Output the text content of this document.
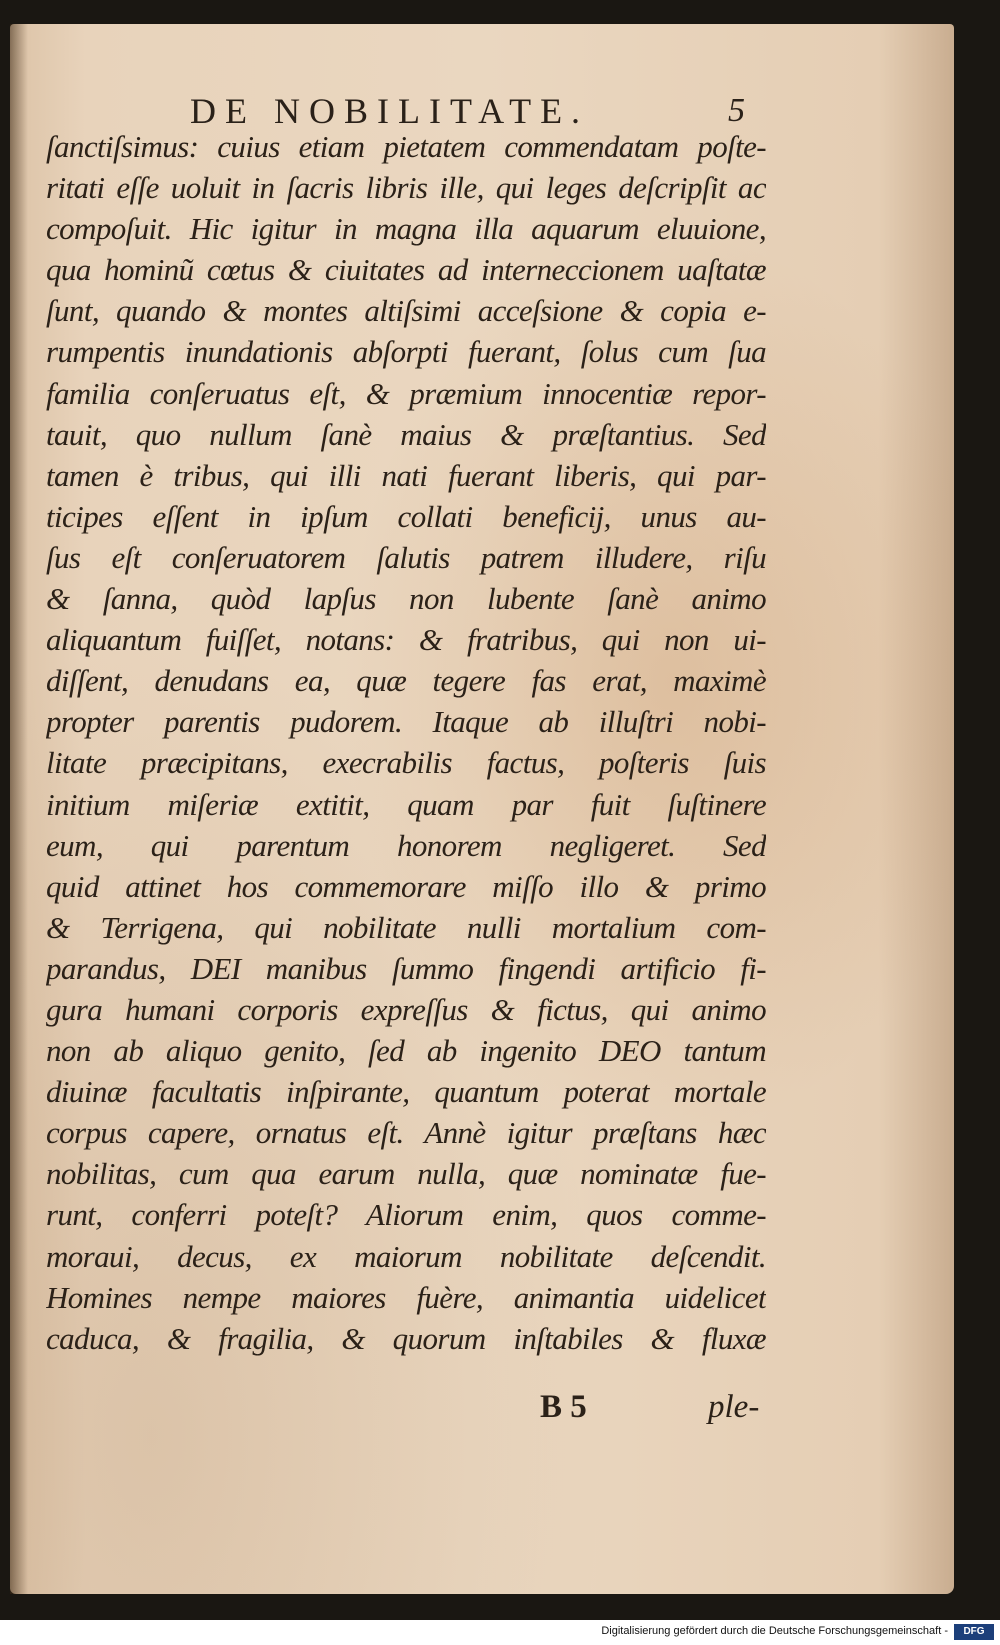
DE NOBILITATE.	5
ſanctiſsimus: cuius etiam pietatem commendatam poſte-
ritati eſſe uoluit in ſacris libris ille, qui leges deſcripſit ac
compoſuit. Hic igitur in magna illa aquarum eluuione,
qua hominũ cœtus & ciuitates ad interneccionem uaſtatæ
ſunt, quando & montes altiſsimi acceſsione & copia e-
rumpentis inundationis abſorpti fuerant, ſolus cum ſua
familia conſeruatus eſt, & præmium innocentiæ repor-
tauit, quo nullum ſanè maius & præſtantius. Sed
tamen è tribus, qui illi nati fuerant liberis, qui par-
ticipes eſſent in ipſum collati beneficij, unus au-
ſus eſt conſeruatorem ſalutis patrem illudere, riſu
& ſanna, quòd lapſus non lubente ſanè animo
aliquantum fuiſſet, notans: & fratribus, qui non ui-
diſſent, denudans ea, quæ tegere fas erat, maximè
propter parentis pudorem. Itaque ab illuſtri nobi-
litate præcipitans, execrabilis factus, poſteris ſuis
initium miſeriæ extitit, quam par fuit ſuſtinere
eum, qui parentum honorem negligeret. Sed
quid attinet hos commemorare miſſo illo & primo
& Terrigena, qui nobilitate nulli mortalium com-
parandus, DEI manibus ſummo fingendi artificio fi-
gura humani corporis expreſſus & fictus, qui animo
non ab aliquo genito, ſed ab ingenito DEO tantum
diuinæ facultatis inſpirante, quantum poterat mortale
corpus capere, ornatus eſt. Annè igitur præſtans hæc
nobilitas, cum qua earum nulla, quæ nominatæ fue-
runt, conferri poteſt? Aliorum enim, quos comme-
moraui, decus, ex maiorum nobilitate deſcendit.
Homines nempe maiores fuère, animantia uidelicet
caduca, & fragilia, & quorum inſtabiles & fluxæ
B 5	ple-
Digitalisierung gefördert durch die Deutsche Forschungsgemeinschaft -	DFG
